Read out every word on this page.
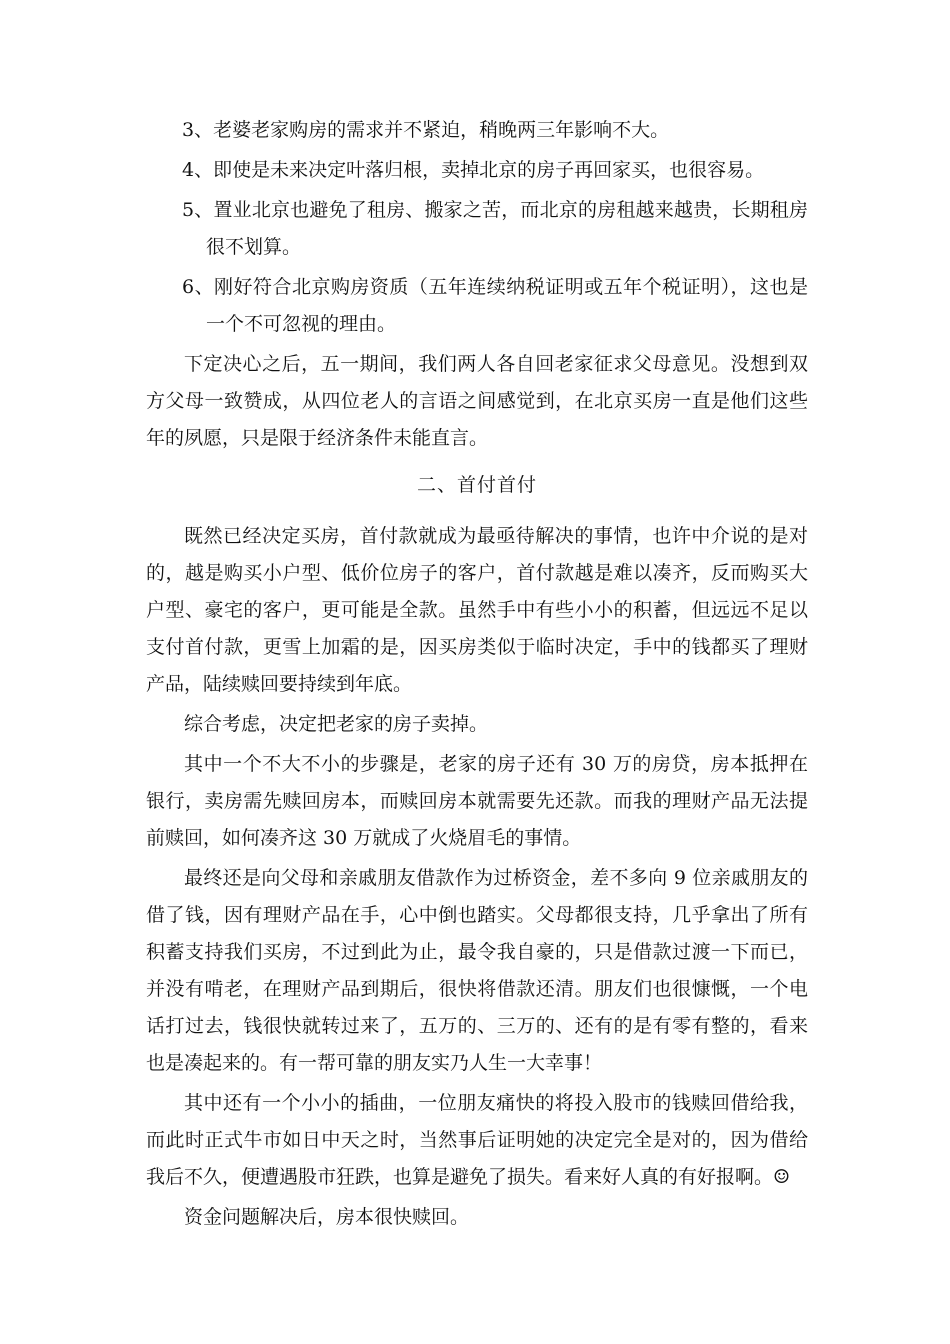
3、老婆老家购房的需求并不紧迫，稍晚两三年影响不大。

4、即使是未来决定叶落归根，卖掉北京的房子再回家买，也很容易。

5、置业北京也避免了租房、搬家之苦，而北京的房租越来越贵，长期租房很不划算。

6、刚好符合北京购房资质（五年连续纳税证明或五年个税证明），这也是一个不可忽视的理由。

下定决心之后，五一期间，我们两人各自回老家征求父母意见。没想到双方父母一致赞成，从四位老人的言语之间感觉到，在北京买房一直是他们这些年的夙愿，只是限于经济条件未能直言。

二、首付首付

既然已经决定买房，首付款就成为最亟待解决的事情，也许中介说的是对的，越是购买小户型、低价位房子的客户，首付款越是难以凑齐，反而购买大户型、豪宅的客户，更可能是全款。虽然手中有些小小的积蓄，但远远不足以支付首付款，更雪上加霜的是，因买房类似于临时决定，手中的钱都买了理财产品，陆续赎回要持续到年底。

综合考虑，决定把老家的房子卖掉。

其中一个不大不小的步骤是，老家的房子还有 30 万的房贷，房本抵押在银行，卖房需先赎回房本，而赎回房本就需要先还款。而我的理财产品无法提前赎回，如何凑齐这 30 万就成了火烧眉毛的事情。

最终还是向父母和亲戚朋友借款作为过桥资金，差不多向 9 位亲戚朋友的借了钱，因有理财产品在手，心中倒也踏实。父母都很支持，几乎拿出了所有积蓄支持我们买房，不过到此为止，最令我自豪的，只是借款过渡一下而已，并没有啃老，在理财产品到期后，很快将借款还清。朋友们也很慷慨，一个电话打过去，钱很快就转过来了，五万的、三万的、还有的是有零有整的，看来也是凑起来的。有一帮可靠的朋友实乃人生一大幸事！

其中还有一个小小的插曲，一位朋友痛快的将投入股市的钱赎回借给我，而此时正式牛市如日中天之时，当然事后证明她的决定完全是对的，因为借给我后不久，便遭遇股市狂跌，也算是避免了损失。看来好人真的有好报啊。☺

资金问题解决后，房本很快赎回。
